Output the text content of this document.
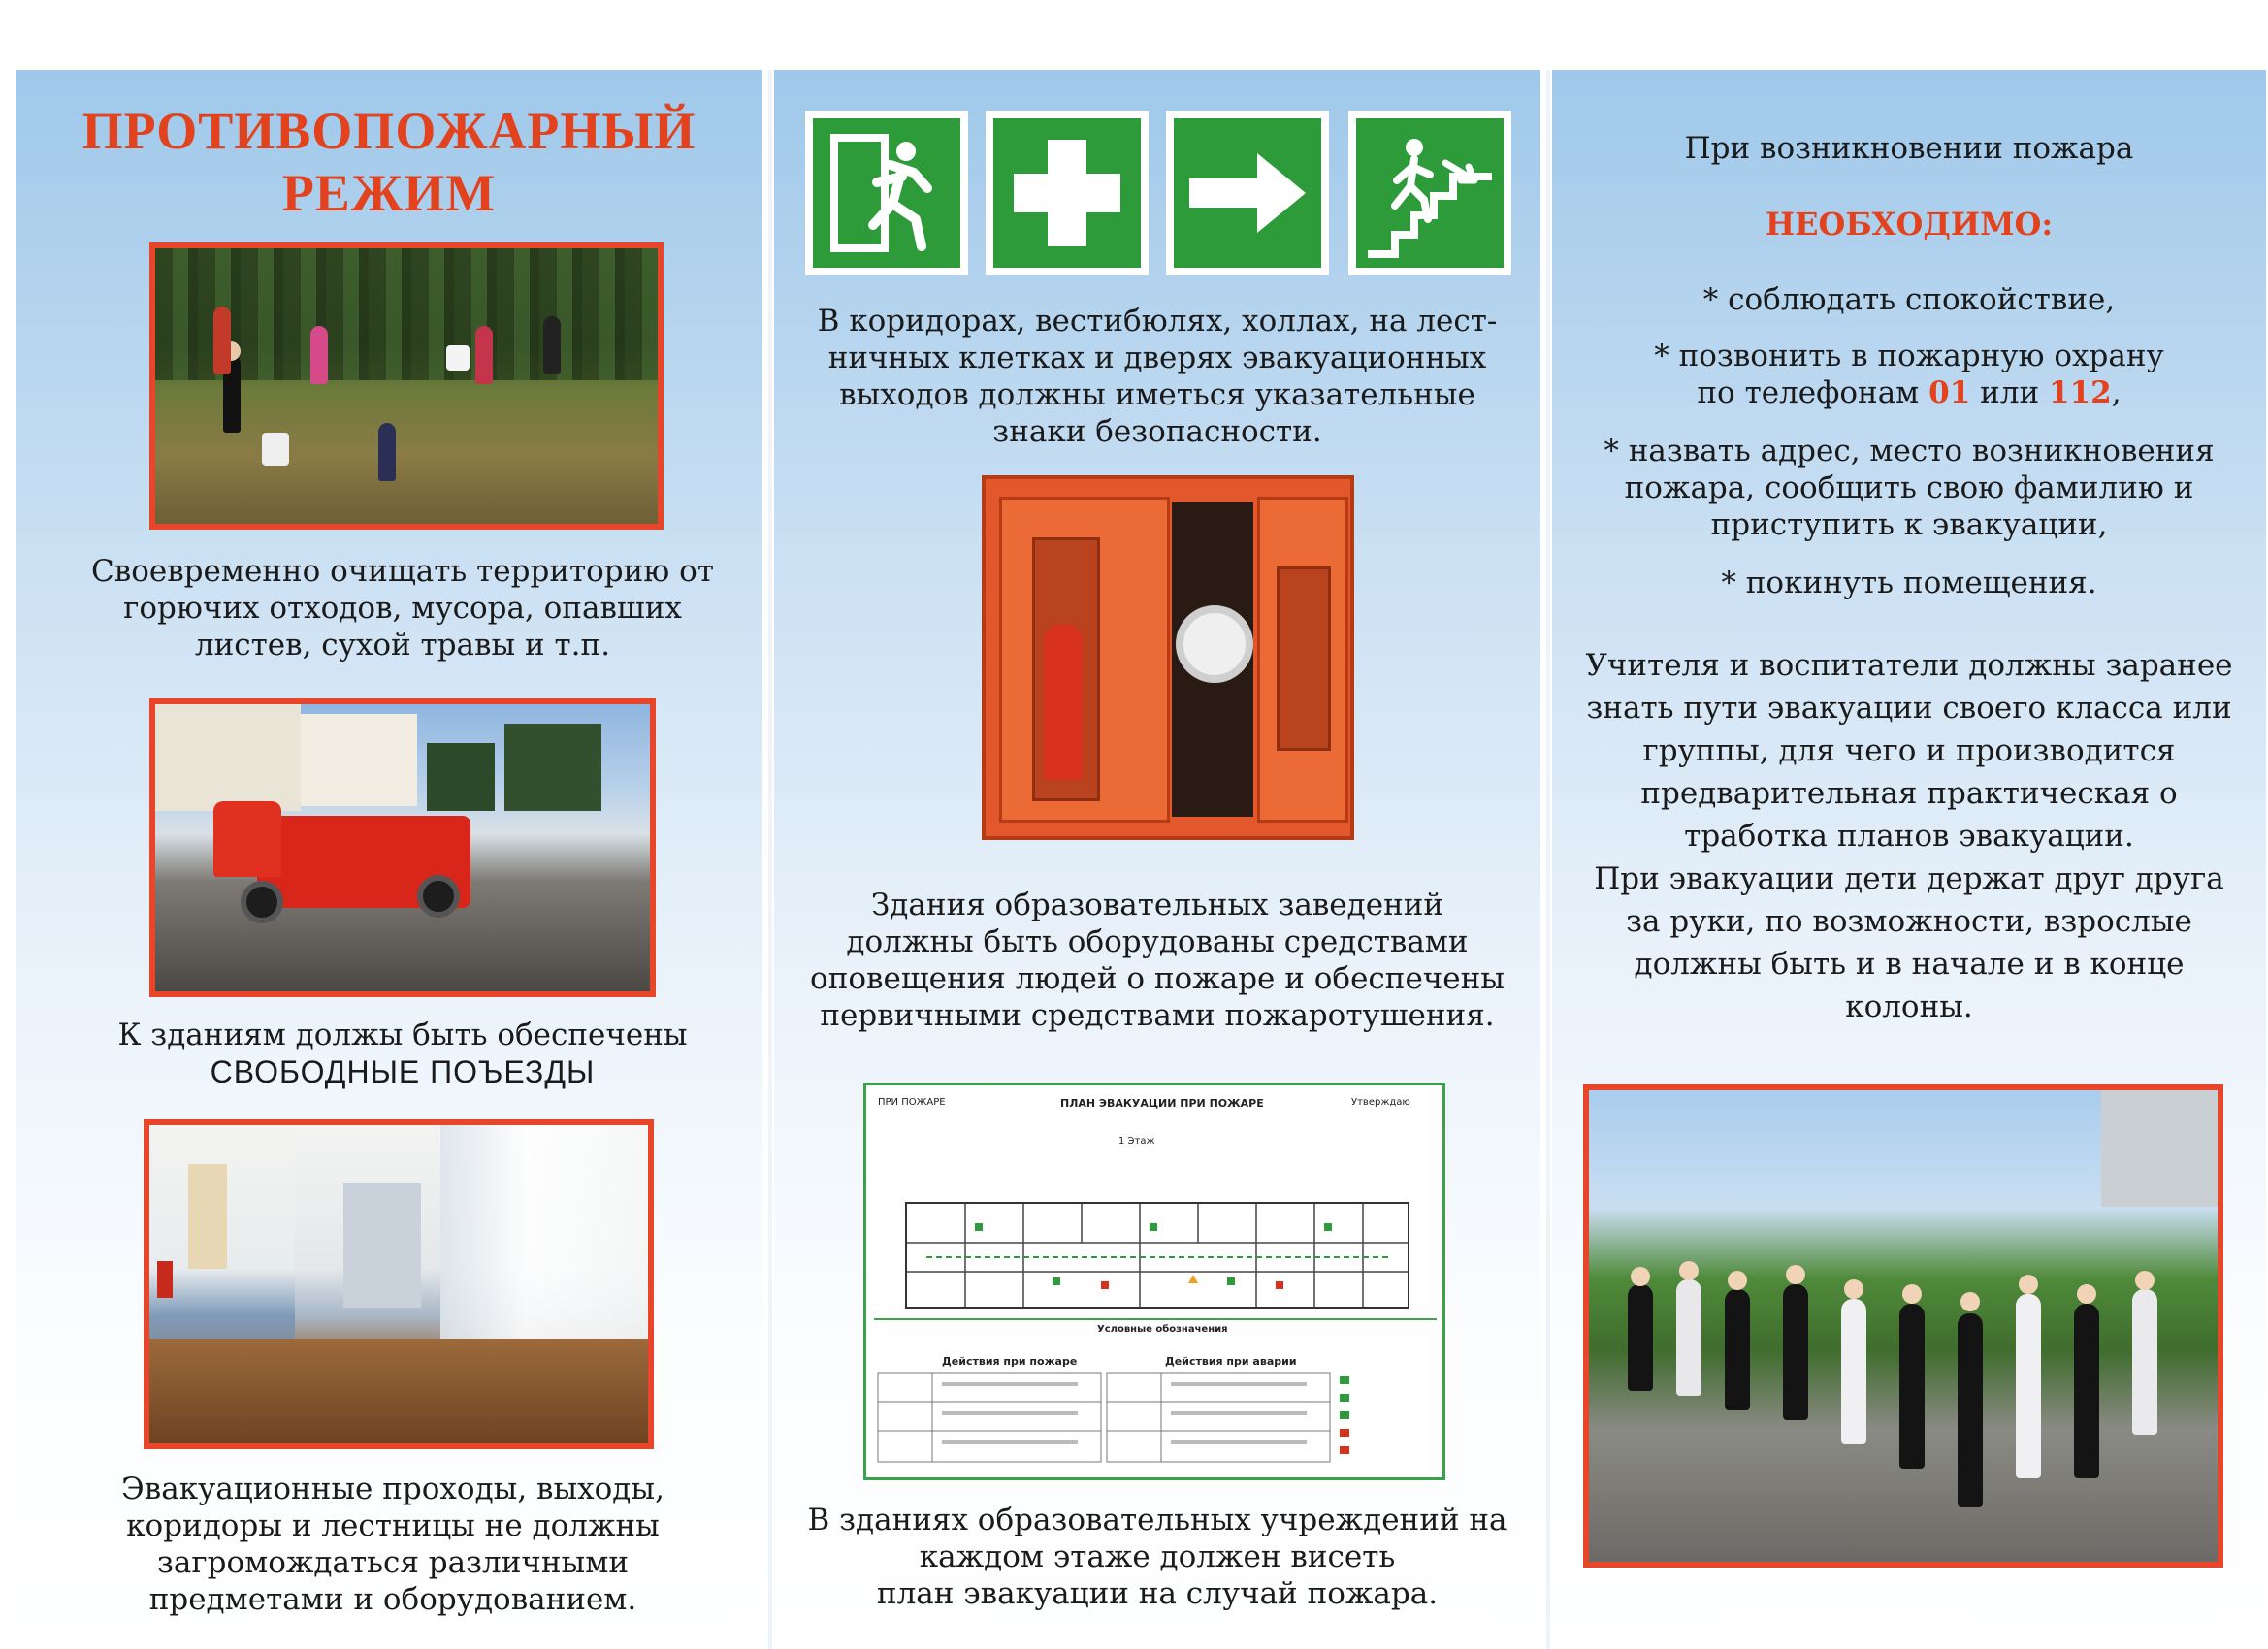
ПРОТИВОПОЖАРНЫЙ
РЕЖИМ

Своевременно очищать территорию от
горючих отходов, мусора, опавших
листев, сухой травы и т.п.

К зданиям должы быть обеспечены
СВОБОДНЫЕ ПОЪЕЗДЫ

Эвакуационные проходы, выходы,
коридоры и лестницы не должны
загромождаться различными
предметами и оборудованием.

В коридорах, вестибюлях, холлах, на лест-
ничных клетках и дверях эвакуационных
выходов должны иметься указательные
знаки безопасности.

Здания образовательных заведений
должны быть оборудованы средствами
оповещения людей о пожаре и обеспечены
первичными средствами пожаротушения.

ПРИ ПОЖАРЕ	ПЛАН ЭВАКУАЦИИ ПРИ ПОЖАРЕ
1 Этаж
Утверждаю
Условные обозначения
Действия при пожаре	Действия при аварии

В зданиях образовательных учреждений на
каждом этаже должен висеть
план эвакуации на случай пожара.

При возникновении пожара

НЕОБХОДИМО:

* соблюдать спокойствие,

* позвонить в пожарную охрану
по телефонам 01 или 112,

* назвать адрес, место возникновения
пожара, сообщить свою фамилию и
приступить к эвакуации,

* покинуть помещения.

Учителя и воспитатели должны заранее
знать пути эвакуации своего класса или
группы, для чего и производится
предварительная практическая о
тработка планов эвакуации.

При эвакуации дети держат друг друга
за руки, по возможности, взрослые
должны быть и в начале и в конце
колоны.
